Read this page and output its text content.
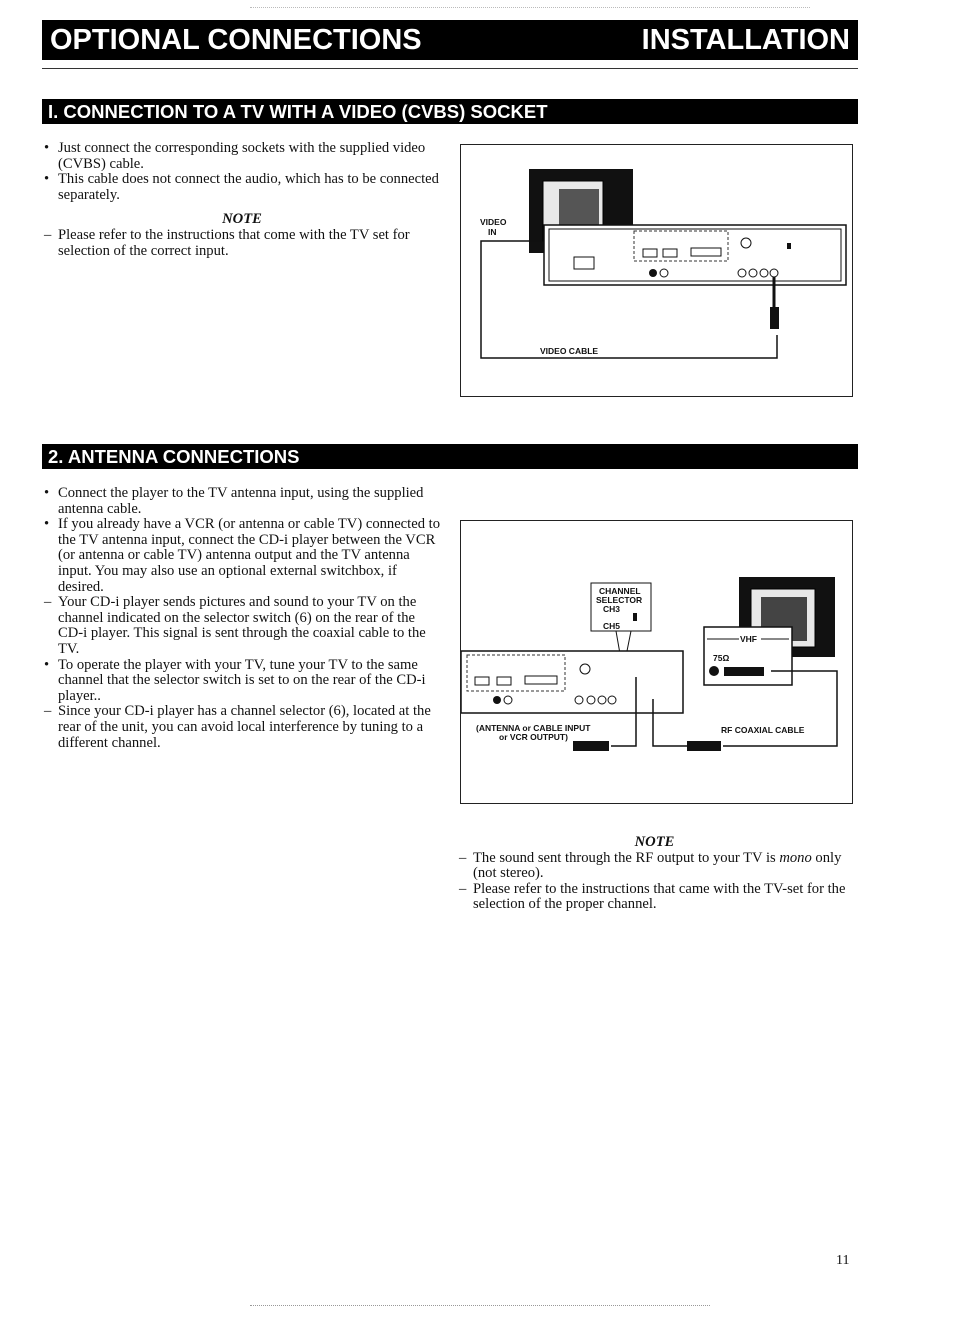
OPTIONAL CONNECTIONS	INSTALLATION
I. CONNECTION TO A TV WITH A VIDEO (CVBS) SOCKET
• Just connect the corresponding sockets with the supplied video (CVBS) cable.
• This cable does not connect the audio, which has to be connected separately.
NOTE
– Please refer to the instructions that come with the TV set for selection of the correct input.
VIDEO
IN
VIDEO CABLE
2. ANTENNA CONNECTIONS
• Connect the player to the TV antenna input, using the supplied antenna cable.
• If you already have a VCR (or antenna or cable TV) connected to the TV antenna input, connect the CD-i player between the VCR (or antenna or cable TV) antenna output and the TV antenna input. You may also use an optional external switchbox, if desired.
– Your CD-i player sends pictures and sound to your TV on the channel indicated on the selector switch (6) on the rear of the CD-i player. This signal is sent through the coaxial cable to the TV.
• To operate the player with your TV, tune your TV to the same channel that the selector switch is set to on the rear of the CD-i player..
– Since your CD-i player has a channel selector (6), located at the rear of the unit, you can avoid local interference by tuning to a different channel.
VHF
75Ω
CHANNEL
SELECTOR
CH3
CH5
(ANTENNA or CABLE INPUT
or VCR OUTPUT)
RF COAXIAL CABLE
NOTE
– The sound sent through the RF output to your TV is mono only (not stereo).
– Please refer to the instructions that came with the TV-set for the selection of the proper channel.
11
